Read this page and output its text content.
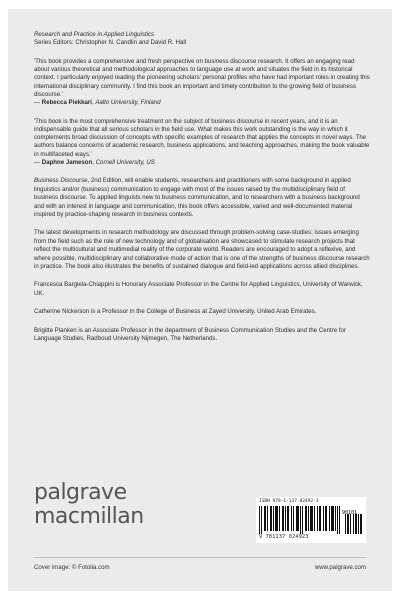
Research and Practice in Applied Linguistics
Series Editors: Christopher N. Candlin and David R. Hall
'This book provides a comprehensive and fresh perspective on business discourse research. It offers an engaging read about various theoretical and methodological approaches to language use at work and situates the field in its historical context. I particularly enjoyed reading the pioneering scholars' personal profiles who have had important roles in creating this international disciplinary community. I find this book an important and timely contribution to the growing field of business discourse.'
— Rebecca Piekkari, Aalto University, Finland
'This book is the most comprehensive treatment on the subject of business discourse in recent years, and it is an indispensable guide that all serious scholars in the field use. What makes this work outstanding is the way in which it complements broad discussion of concepts with specific examples of research that applies the concepts in novel ways. The authors balance concerns of academic research, business applications, and teaching approaches, making the book valuable in multifaceted ways.'
— Daphne Jameson, Cornell University, US
Business Discourse, 2nd Edition, will enable students, researchers and practitioners with some background in applied linguistics and/or (business) communication to engage with most of the issues raised by the multidisciplinary field of business discourse. To applied linguists new to business communication, and to researchers with a business background and with an interest in language and communication, this book offers accessible, varied and well-documented material inspired by practice-shaping research in business contexts.
The latest developments in research methodology are discussed through problem-solving case-studies; issues emerging from the field such as the role of new technology and of globalisation are showcased to stimulate research projects that reflect the multicultural and multimedial reality of the corporate world. Readers are encouraged to adopt a reflexive, and where possible, multidisciplinary and collaborative mode of action that is one of the strengths of business discourse research in practice. The book also illustrates the benefits of sustained dialogue and field-led applications across allied disciplines.
Francesca Bargiela-Chiappini is Honorary Associate Professor in the Centre for Applied Linguistics, University of Warwick, UK.
Catherine Nickerson is a Professor in the College of Business at Zayed University, United Arab Emirates.
Brigitte Planken is an Associate Professor in the department of Business Communication Studies and the Centre for Language Studies, Radboud University Nijmegen, The Netherlands.
palgrave
macmillan
ISBN 978-1-137-02492-3
90101
9 781137 024923
Cover image: © Fotolia.com	www.palgrave.com
